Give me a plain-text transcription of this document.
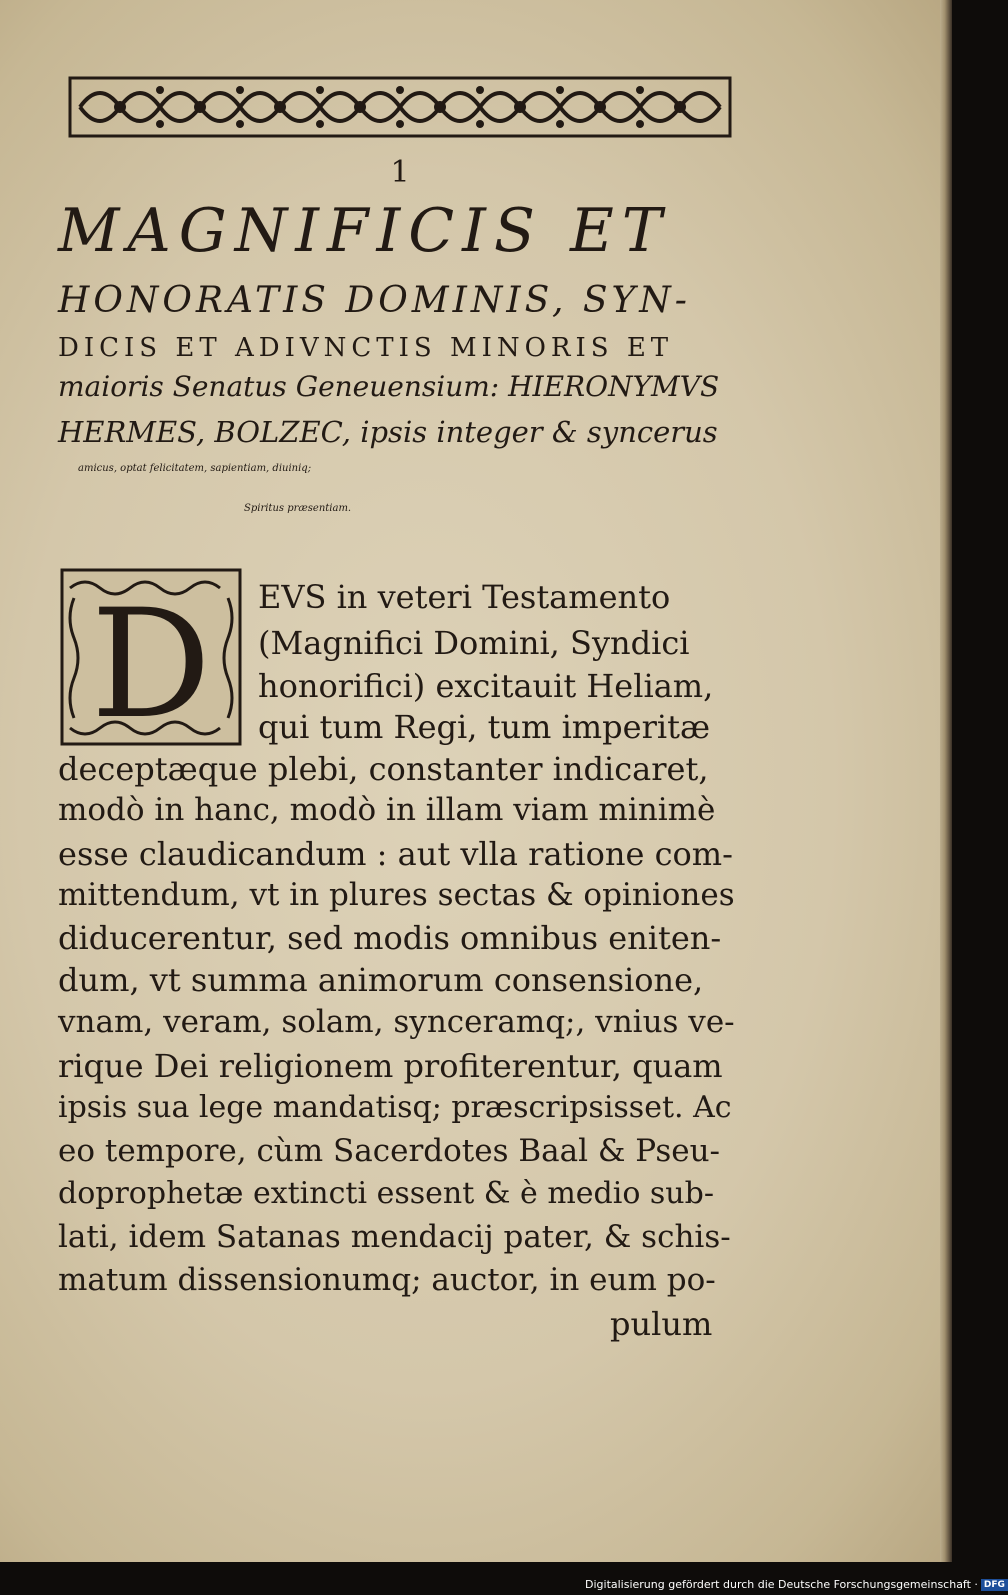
1
MAGNIFICIS ET
HONORATIS DOMINIS, SYN-
DICIS ET ADIVNCTIS MINORIS ET
maioris Senatus Geneuensium: HIERONYMVS
HERMES, BOLZEC, ipsis integer & syncerus
amicus, optat felicitatem, sapientiam, diuiniq;
Spiritus præsentiam.
D EVS in veteri Testamento
(Magnifici Domini, Syndici
honorifici) excitauit Heliam,
qui tum Regi, tum imperitæ
deceptæque plebi, constanter indicaret,
modò in hanc, modò in illam viam minimè
esse claudicandum : aut vlla ratione com-
mittendum, vt in plures sectas & opiniones
diducerentur, sed modis omnibus eniten-
dum, vt summa animorum consensione,
vnam, veram, solam, synceramq;, vnius ve-
rique Dei religionem profiterentur, quam
ipsis sua lege mandatisq; præscripsisset. Ac
eo tempore, cùm Sacerdotes Baal & Pseu-
doprophetæ extincti essent & è medio sub-
lati, idem Satanas mendacij pater, & schis-
matum dissensionumq; auctor, in eum po-
pulum
Digitalisierung gefördert durch die Deutsche Forschungsgemeinschaft · DFG
